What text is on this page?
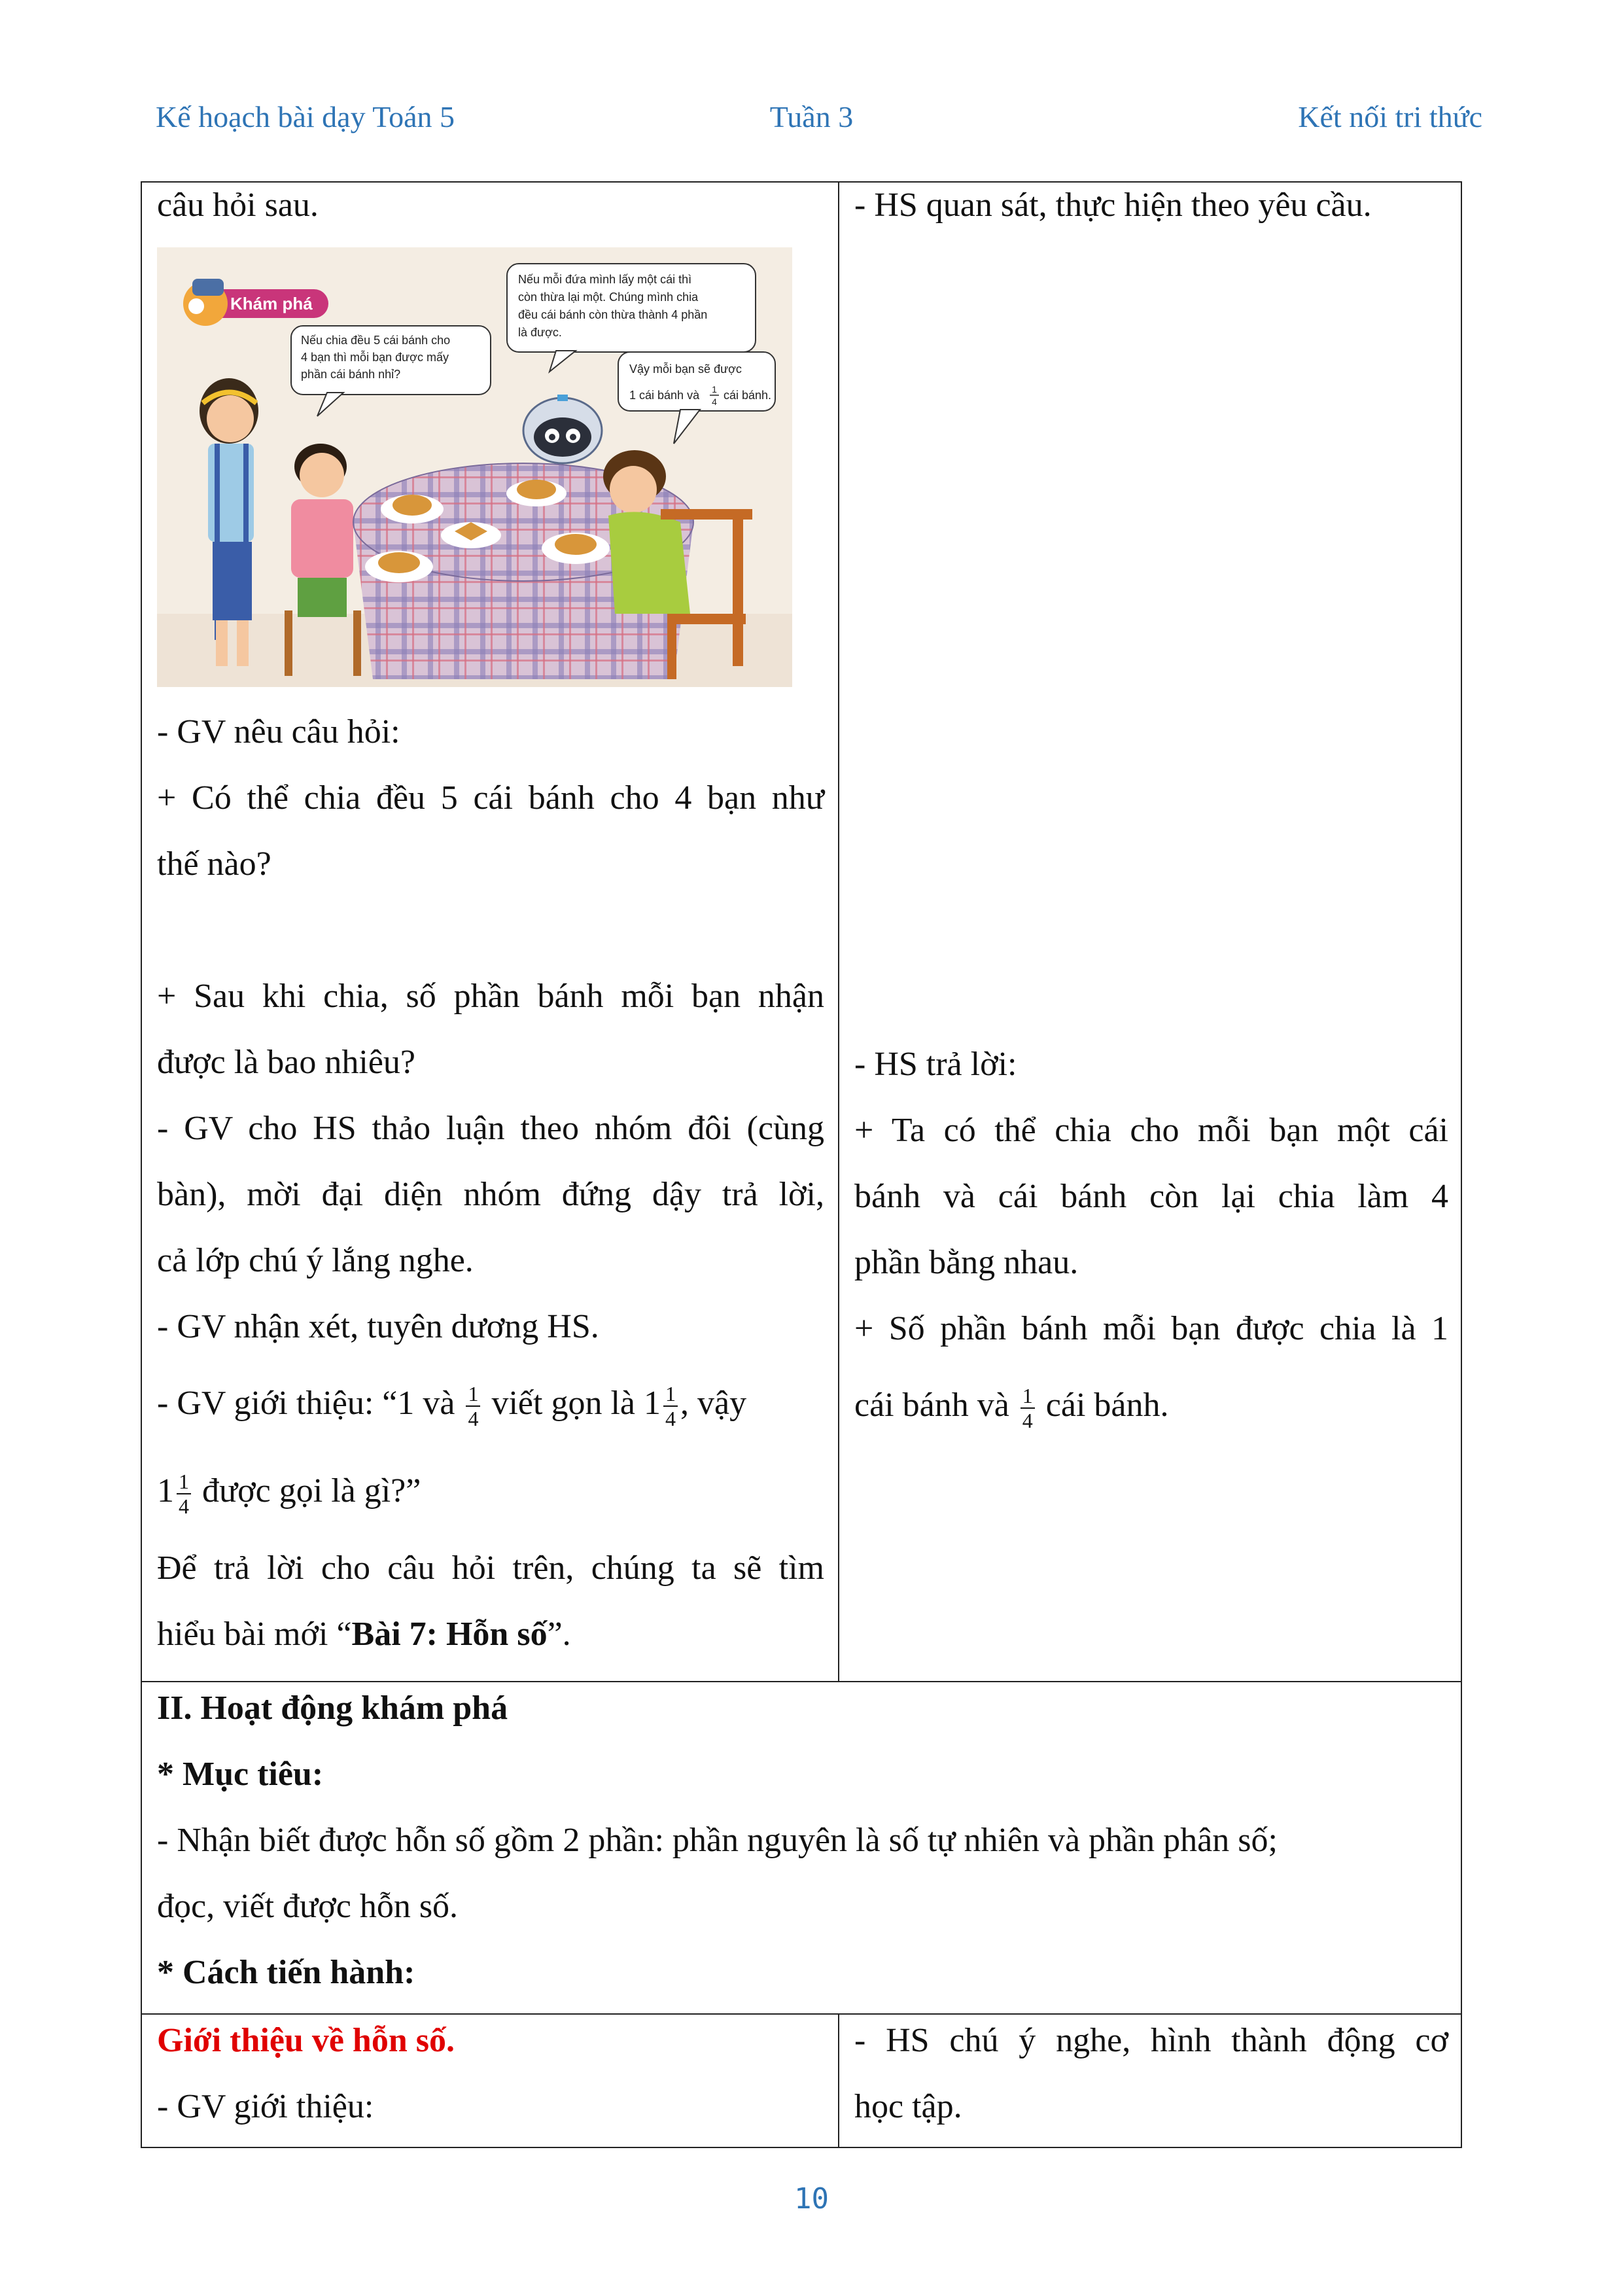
Kế hoạch bài dạy Toán 5	Tuần 3	Kết nối tri thức
câu hỏi sau.
Khám phá
Nếu chia đều 5 cái bánh cho 4 bạn thì mỗi bạn được mấy phần cái bánh nhỉ?
Nếu mỗi đứa mình lấy một cái thì còn thừa lại một. Chúng mình chia đều cái bánh còn thừa thành 4 phần là được.
Vậy mỗi bạn sẽ được
1 cái bánh và 1
4 cái bánh.
- GV nêu câu hỏi:
+ Có thể chia đều 5 cái bánh cho 4 bạn như
thế nào?
+ Sau khi chia, số phần bánh mỗi bạn nhận
được là bao nhiêu?
- GV cho HS thảo luận theo nhóm đôi (cùng
bàn), mời đại diện nhóm đứng dậy trả lời,
cả lớp chú ý lắng nghe.
- GV nhận xét, tuyên dương HS.
- GV giới thiệu: “1 và $\frac{1}{4}$ viết gọn là $1 \frac{1}{4}$ , vậy
$1 \frac{1}{4}$ được gọi là gì?”
Để trả lời cho câu hỏi trên, chúng ta sẽ tìm
hiểu bài mới “Bài 7: Hỗn số”.
- HS quan sát, thực hiện theo yêu cầu.
- HS trả lời:
+ Ta có thể chia cho mỗi bạn một cái
bánh và cái bánh còn lại chia làm 4
phần bằng nhau.
+ Số phần bánh mỗi bạn được chia là 1
cái bánh và $\frac{1}{4}$ cái bánh.
II. Hoạt động khám phá
* Mục tiêu:
- Nhận biết được hỗn số gồm 2 phần: phần nguyên là số tự nhiên và phần phân số;
đọc, viết được hỗn số.
* Cách tiến hành:
Giới thiệu về hỗn số.
- GV giới thiệu:
- HS chú ý nghe, hình thành động cơ
học tập.
10
